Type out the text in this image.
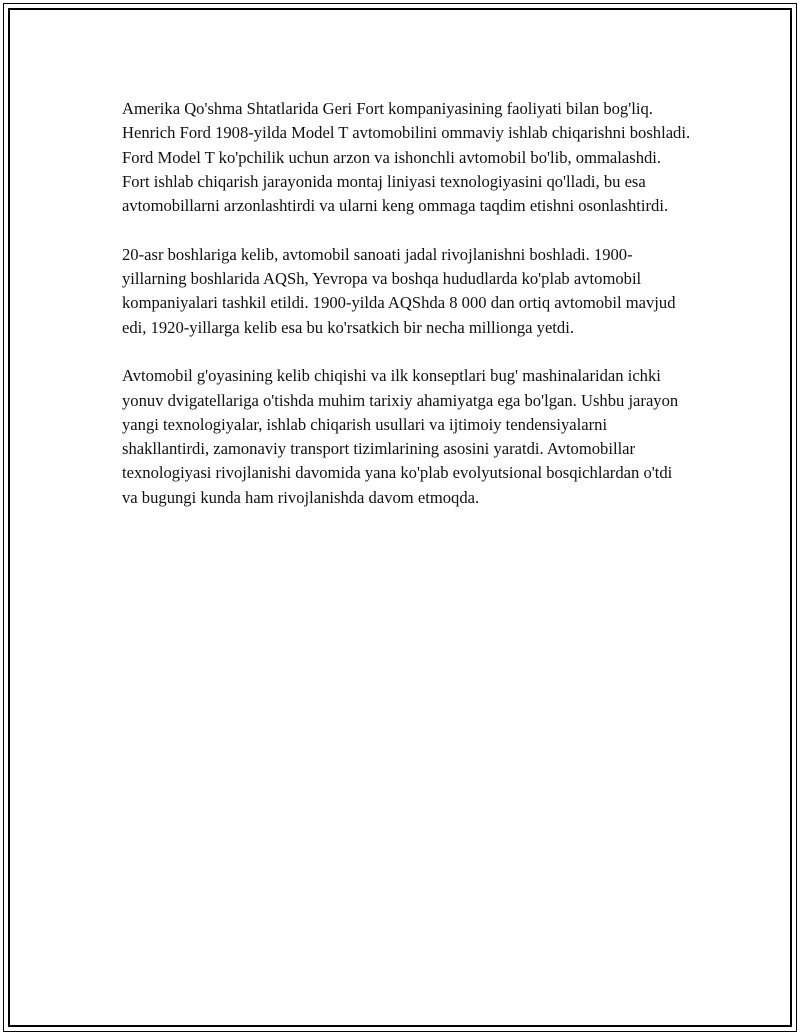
Amerika Qo'shma Shtatlarida Geri Fort kompaniyasining faoliyati bilan bog'liq. Henrich Ford 1908-yilda Model T avtomobilini ommaviy ishlab chiqarishni boshladi. Ford Model T ko'pchilik uchun arzon va ishonchli avtomobil bo'lib, ommalashdi. Fort ishlab chiqarish jarayonida montaj liniyasi texnologiyasini qo'lladi, bu esa avtomobillarni arzonlashtirdi va ularni keng ommaga taqdim etishni osonlashtirdi.

20-asr boshlariga kelib, avtomobil sanoati jadal rivojlanishni boshladi. 1900-yillarning boshlarida AQSh, Yevropa va boshqa hududlarda ko'plab avtomobil kompaniyalari tashkil etildi. 1900-yilda AQShda 8 000 dan ortiq avtomobil mavjud edi, 1920-yillarga kelib esa bu ko'rsatkich bir necha millionga yetdi.

Avtomobil g'oyasining kelib chiqishi va ilk konseptlari bug' mashinalaridan ichki yonuv dvigatellariga o'tishda muhim tarixiy ahamiyatga ega bo'lgan. Ushbu jarayon yangi texnologiyalar, ishlab chiqarish usullari va ijtimoiy tendensiyalarni shakllantirdi, zamonaviy transport tizimlarining asosini yaratdi. Avtomobillar texnologiyasi rivojlanishi davomida yana ko'plab evolyutsional bosqichlardan o'tdi va bugungi kunda ham rivojlanishda davom etmoqda.
